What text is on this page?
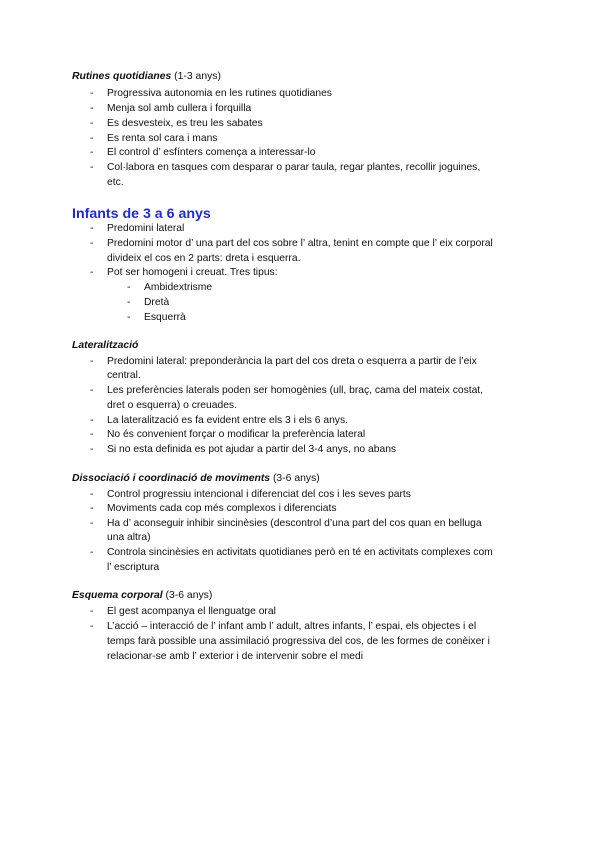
Rutines quotidianes (1-3 anys)
- Progressiva autonomia en les rutines quotidianes
- Menja sol amb cullera i forquilla
- Es desvesteix, es treu les sabates
- Es renta sol cara i mans
- El control d’ esfínters comença a interessar-lo
- Col·labora en tasques com desparar o parar taula, regar plantes, recollir joguines,
etc.
Infants de 3 a 6 anys
- Predomini lateral
- Predomini motor d’ una part del cos sobre l’ altra, tenint en compte que l’ eix corporal
divideix el cos en 2 parts: dreta i esquerra.
- Pot ser homogeni i creuat. Tres tipus:
- Ambidextrisme
- Dretà
- Esquerrà
Lateralització
- Predomini lateral: preponderància la part del cos dreta o esquerra a partir de l’eix
central.
- Les preferències laterals poden ser homogènies (ull, braç, cama del mateix costat,
dret o esquerra) o creuades.
- La lateralització es fa evident entre els 3 i els 6 anys.
- No és convenient forçar o modificar la preferència lateral
- Si no esta definida es pot ajudar a partir del 3-4 anys, no abans
Dissociació i coordinació de moviments (3-6 anys)
- Control progressiu intencional i diferenciat del cos i les seves parts
- Moviments cada cop més complexos i diferenciats
- Ha d’ aconseguir inhibir sincinèsies (descontrol d’una part del cos quan en belluga
una altra)
- Controla sincinèsies en activitats quotidianes però en té en activitats complexes com
l’ escriptura
Esquema corporal (3-6 anys)
- El gest acompanya el llenguatge oral
- L’acció – interacció de l’ infant amb l’ adult, altres infants, l’ espai, els objectes i el
temps farà possible una assimilació progressiva del cos, de les formes de conèixer i
relacionar-se amb l’ exterior i de intervenir sobre el medi
